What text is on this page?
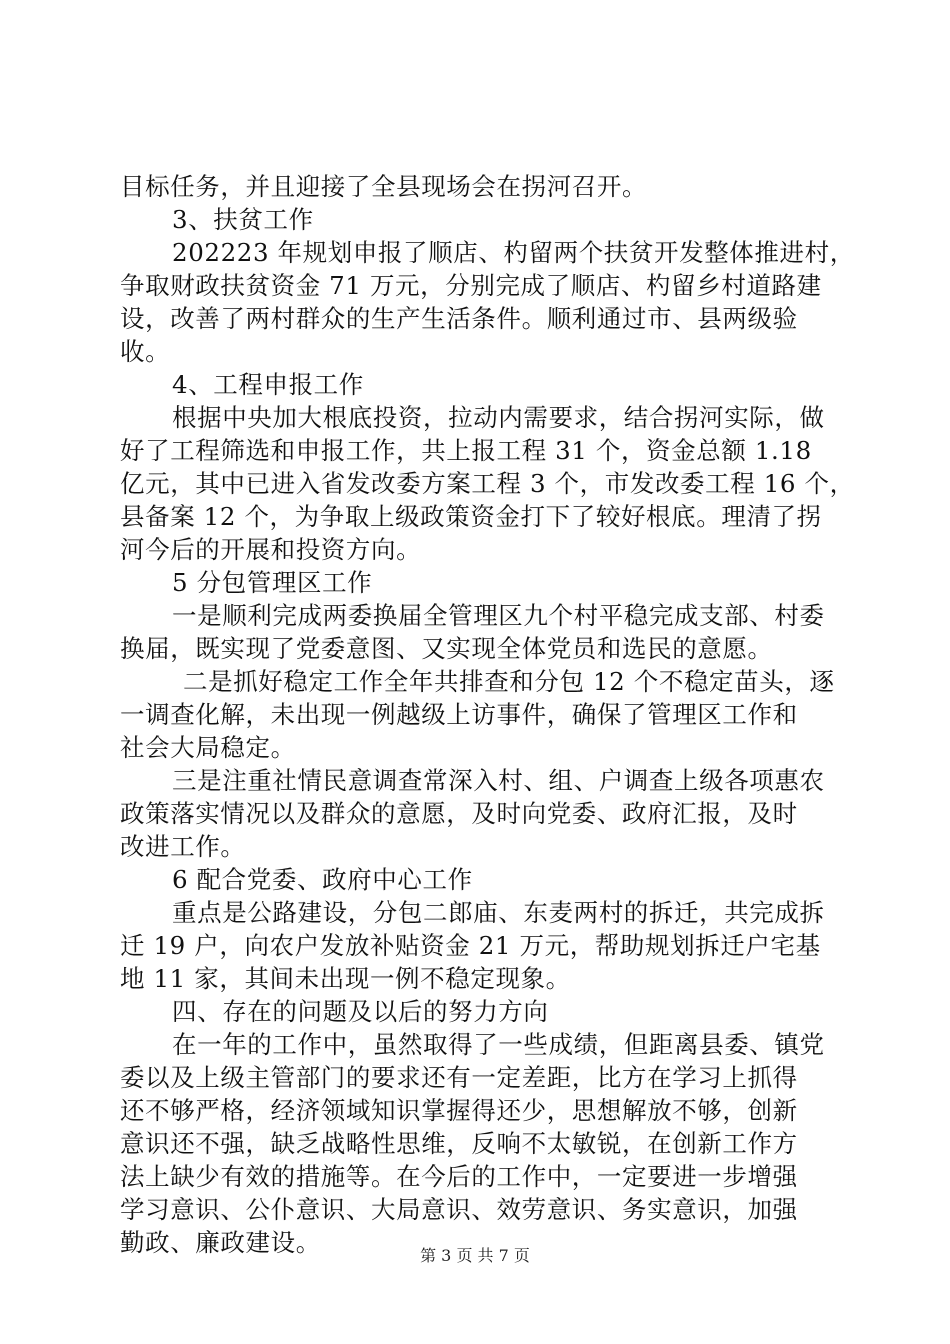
目标任务，并且迎接了全县现场会在拐河召开。
3、扶贫工作
202223 年规划申报了顺店、杓留两个扶贫开发整体推进村，
争取财政扶贫资金 71 万元，分别完成了顺店、杓留乡村道路建
设，改善了两村群众的生产生活条件。顺利通过市、县两级验
收。
4、工程申报工作
根据中央加大根底投资，拉动内需要求，结合拐河实际，做
好了工程筛选和申报工作，共上报工程 31 个，资金总额 1.18
亿元，其中已进入省发改委方案工程 3 个，市发改委工程 16 个，
县备案 12 个，为争取上级政策资金打下了较好根底。理清了拐
河今后的开展和投资方向。
5 分包管理区工作
一是顺利完成两委换届全管理区九个村平稳完成支部、村委
换届，既实现了党委意图、又实现全体党员和选民的意愿。
二是抓好稳定工作全年共排查和分包 12 个不稳定苗头，逐
一调查化解，未出现一例越级上访事件，确保了管理区工作和
社会大局稳定。
三是注重社情民意调查常深入村、组、户调查上级各项惠农
政策落实情况以及群众的意愿，及时向党委、政府汇报，及时
改进工作。
6 配合党委、政府中心工作
重点是公路建设，分包二郎庙、东麦两村的拆迁，共完成拆
迁 19 户，向农户发放补贴资金 21 万元，帮助规划拆迁户宅基
地 11 家，其间未出现一例不稳定现象。
四、存在的问题及以后的努力方向
在一年的工作中，虽然取得了一些成绩，但距离县委、镇党
委以及上级主管部门的要求还有一定差距，比方在学习上抓得
还不够严格，经济领域知识掌握得还少，思想解放不够，创新
意识还不强，缺乏战略性思维，反响不太敏锐，在创新工作方
法上缺少有效的措施等。在今后的工作中，一定要进一步增强
学习意识、公仆意识、大局意识、效劳意识、务实意识，加强
勤政、廉政建设。	第 3 页 共 7 页
